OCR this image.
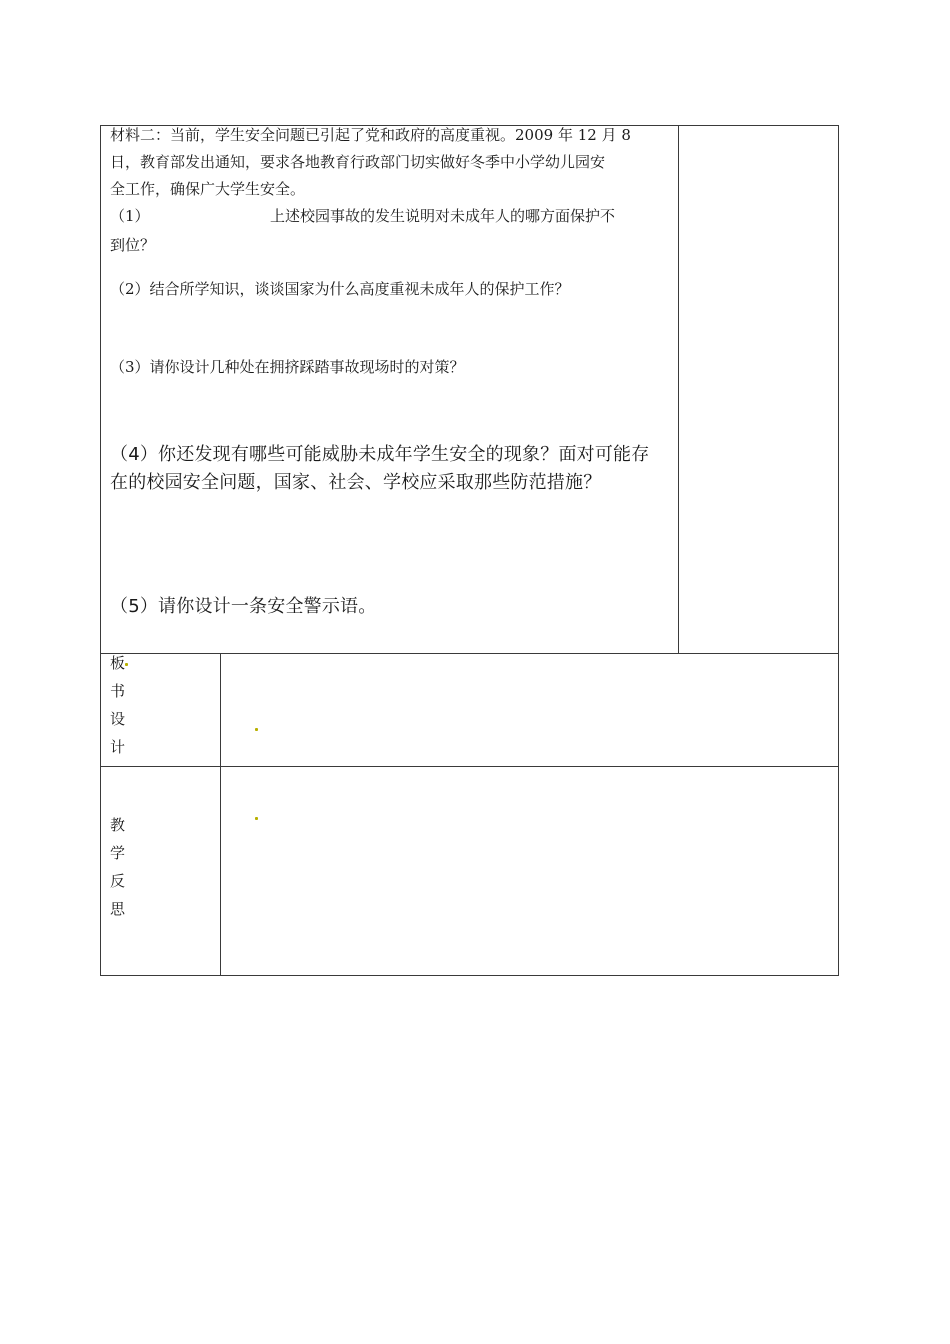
材料二：当前，学生安全问题已引起了党和政府的高度重视。2009 年 12 月 8
日，教育部发出通知，要求各地教育行政部门切实做好冬季中小学幼儿园安
全工作，确保广大学生安全。
（1）	上述校园事故的发生说明对未成年人的哪方面保护不
到位？
（2）结合所学知识，谈谈国家为什么高度重视未成年人的保护工作？
（3）请你设计几种处在拥挤踩踏事故现场时的对策？
（4）你还发现有哪些可能威胁未成年学生安全的现象？面对可能存
在的校园安全问题，国家、社会、学校应采取那些防范措施？
（5）请你设计一条安全警示语。
板
书
设
计
教
学
反
思
